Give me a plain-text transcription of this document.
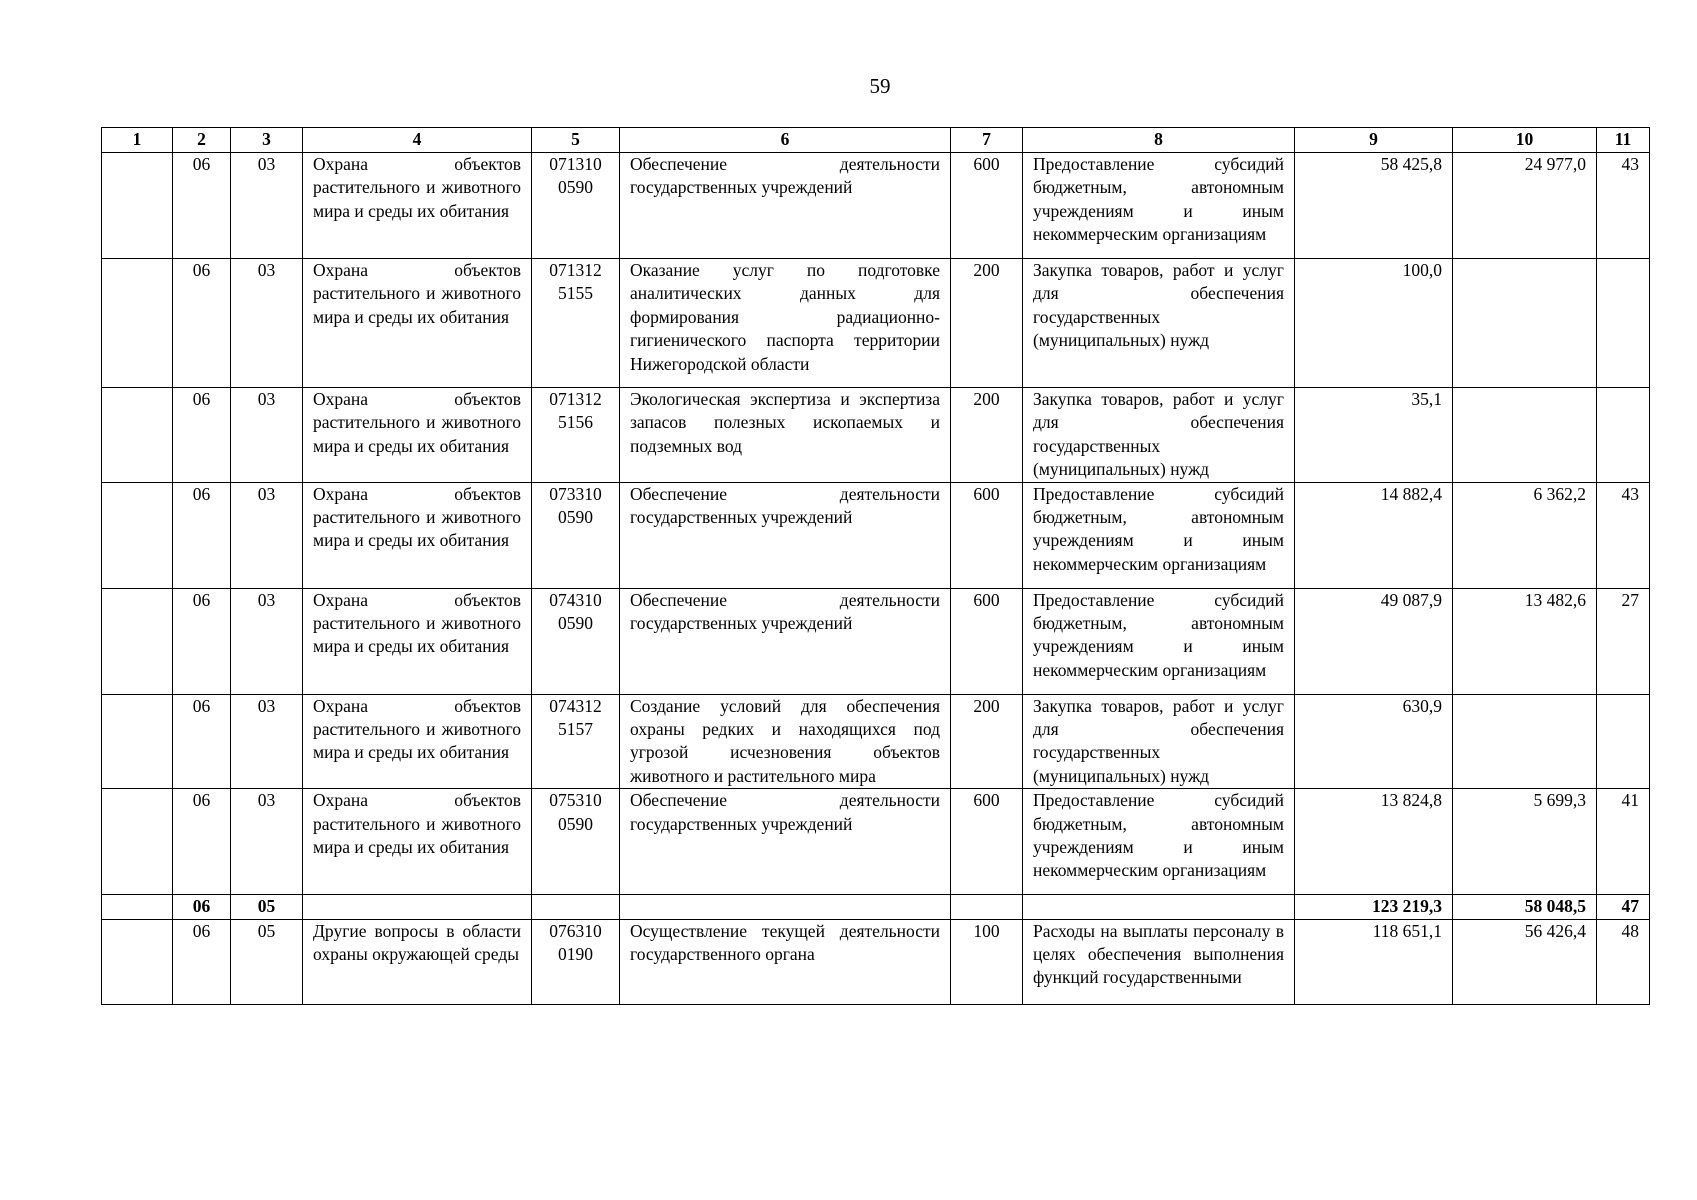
59
1	2	3	4	5	6	7	8	9	10	11
	06	03	Охрана объектов растительного и животного мира и среды их обитания	071310 0590	Обеспечение деятельности государственных учреждений	600	Предоставление субсидий бюджетным, автономным учреждениям и иным некоммерческим организациям	58 425,8	24 977,0	43
	06	03	Охрана объектов растительного и животного мира и среды их обитания	071312 5155	Оказание услуг по подготовке аналитических данных для формирования радиационно-гигиенического паспорта территории Нижегородской области	200	Закупка товаров, работ и услуг для обеспечения государственных (муниципальных) нужд	100,0		
	06	03	Охрана объектов растительного и животного мира и среды их обитания	071312 5156	Экологическая экспертиза и экспертиза запасов полезных ископаемых и подземных вод	200	Закупка товаров, работ и услуг для обеспечения государственных (муниципальных) нужд	35,1		
	06	03	Охрана объектов растительного и животного мира и среды их обитания	073310 0590	Обеспечение деятельности государственных учреждений	600	Предоставление субсидий бюджетным, автономным учреждениям и иным некоммерческим организациям	14 882,4	6 362,2	43
	06	03	Охрана объектов растительного и животного мира и среды их обитания	074310 0590	Обеспечение деятельности государственных учреждений	600	Предоставление субсидий бюджетным, автономным учреждениям и иным некоммерческим организациям	49 087,9	13 482,6	27
	06	03	Охрана объектов растительного и животного мира и среды их обитания	074312 5157	Создание условий для обеспечения охраны редких и находящихся под угрозой исчезновения объектов животного и растительного мира	200	Закупка товаров, работ и услуг для обеспечения государственных (муниципальных) нужд	630,9		
	06	03	Охрана объектов растительного и животного мира и среды их обитания	075310 0590	Обеспечение деятельности государственных учреждений	600	Предоставление субсидий бюджетным, автономным учреждениям и иным некоммерческим организациям	13 824,8	5 699,3	41
	06	05						123 219,3	58 048,5	47
	06	05	Другие вопросы в области охраны окружающей среды	076310 0190	Осуществление текущей деятельности государственного органа	100	Расходы на выплаты персоналу в целях обеспечения выполнения функций государственными	118 651,1	56 426,4	48
